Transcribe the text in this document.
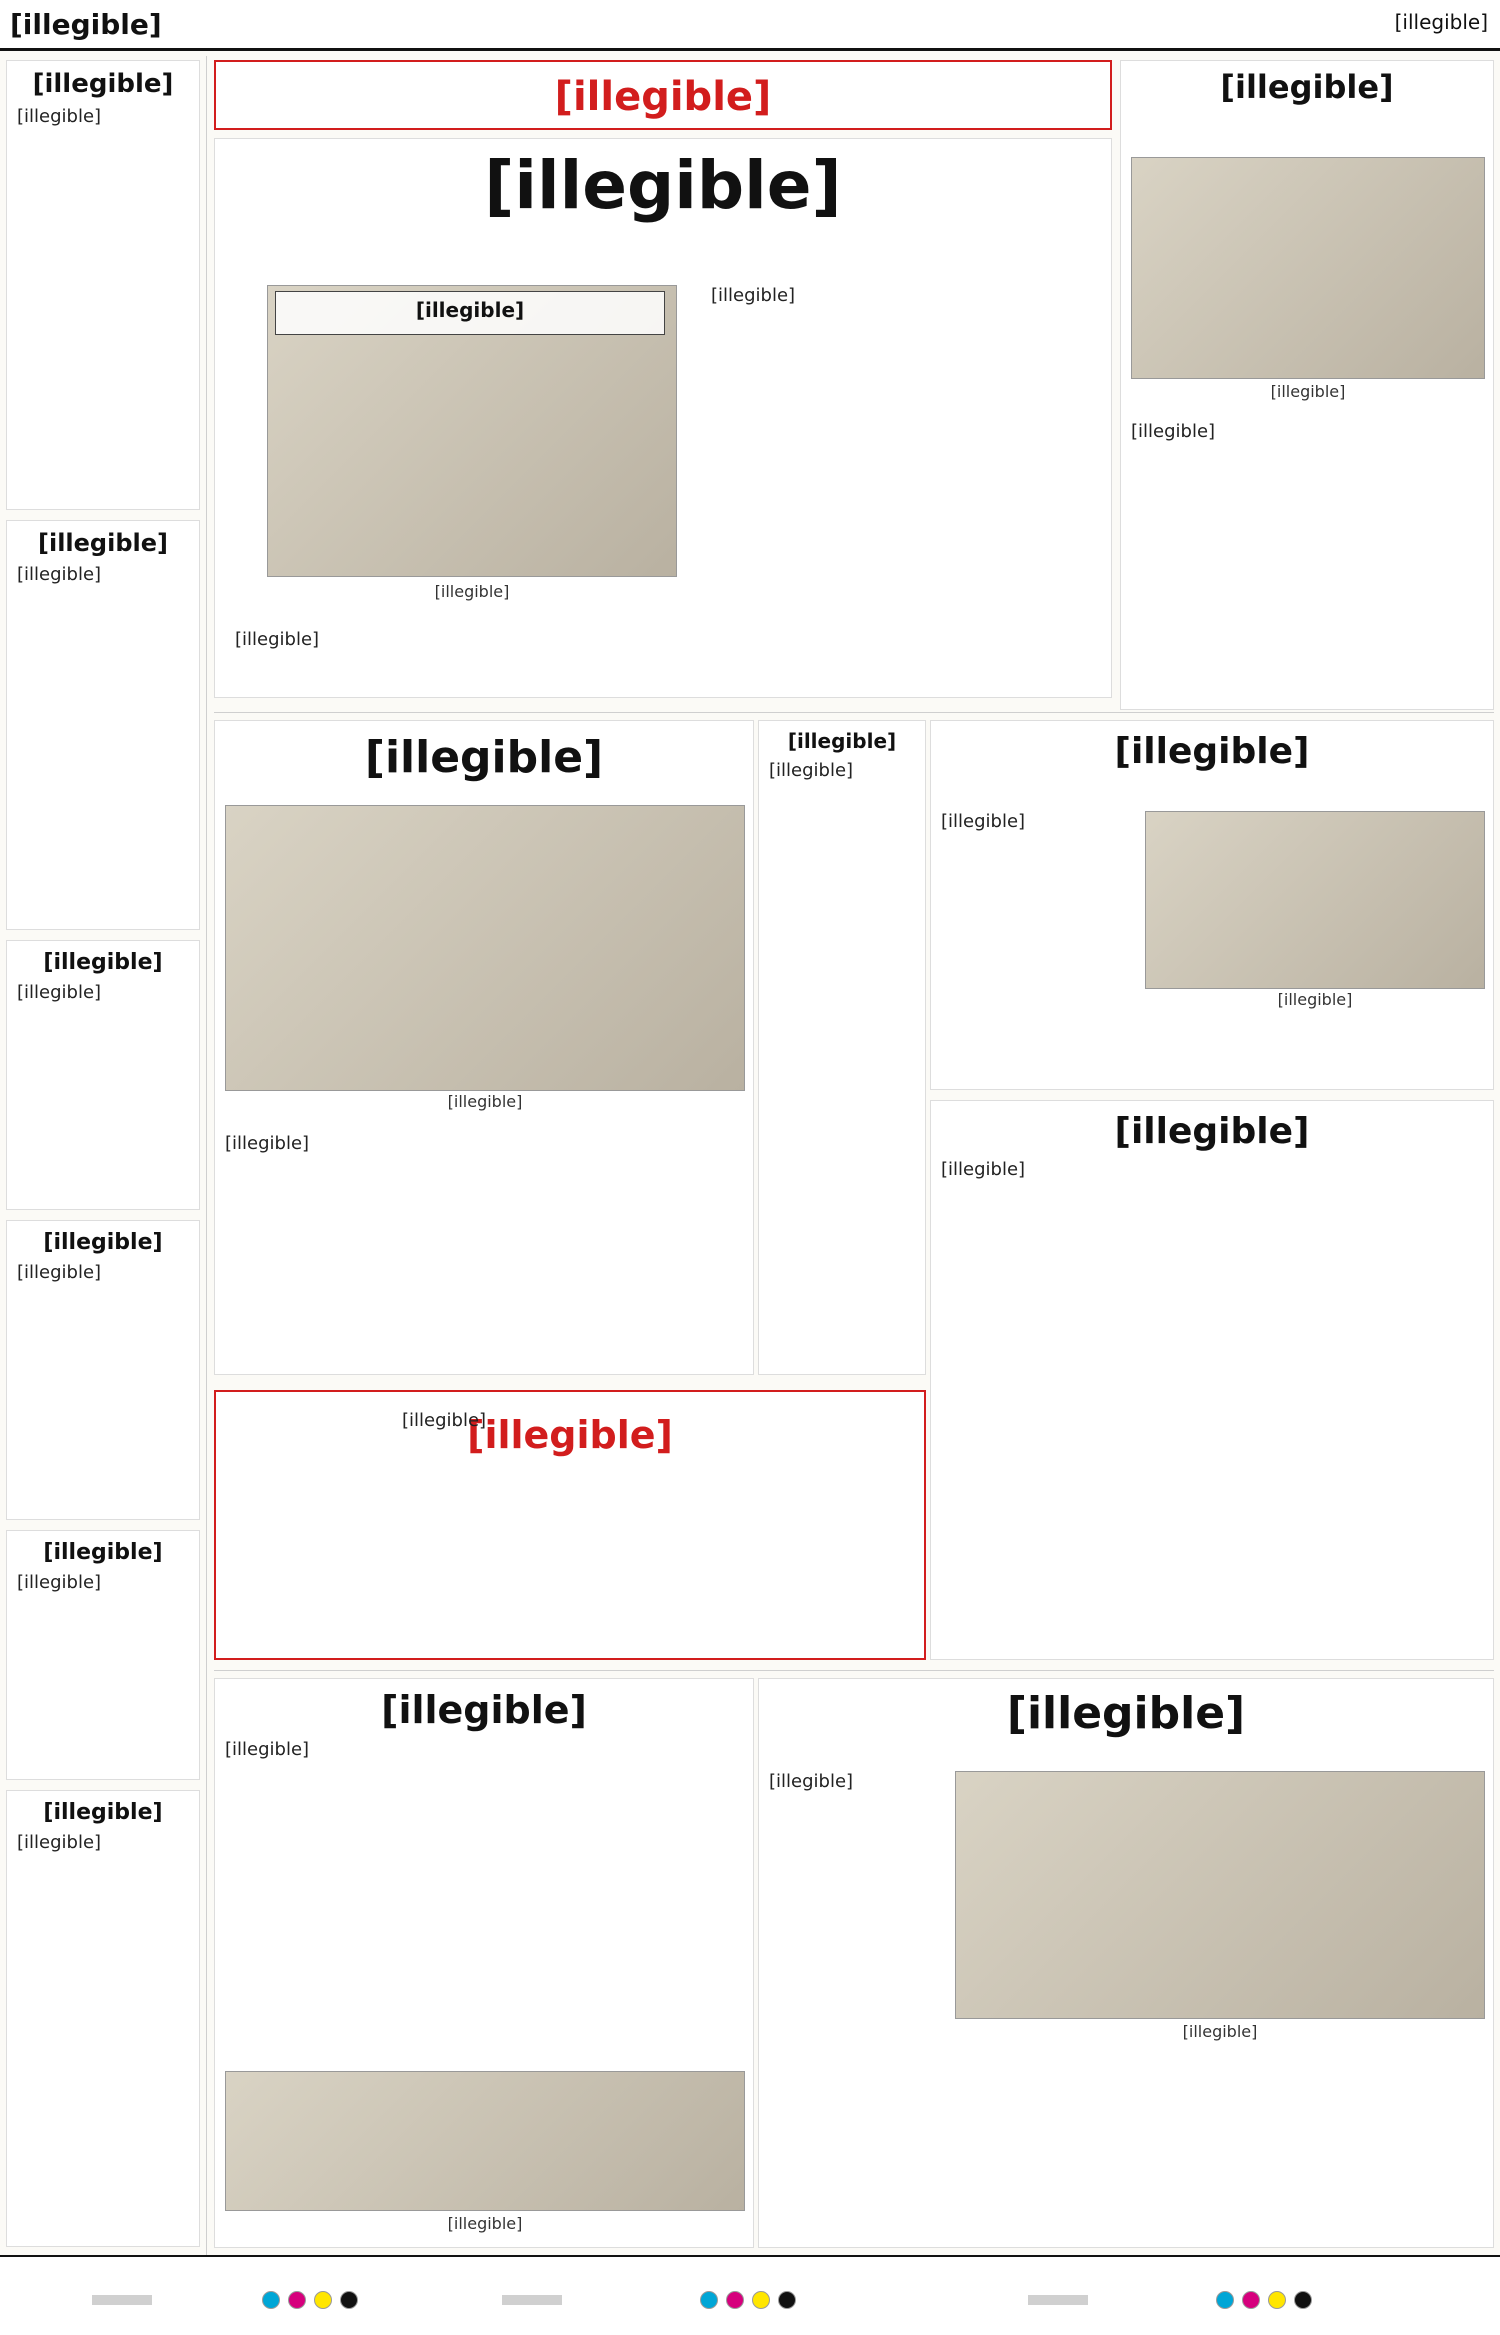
[illegible]	[illegible]
[illegible]
[illegible]
[illegible]
[illegible]
[illegible]
[illegible]
[illegible]
[illegible]
[illegible]
[illegible]
[illegible]
[illegible]
[illegible]
[illegible]
[illegible]
[illegible]
[illegible]
[illegible]
[illegible]
[illegible]
[illegible]
[illegible]
[illegible]
[illegible]
[illegible]
[illegible]	[illegible]
[illegible]
[illegible]
[illegible]
[illegible]
[illegible]
[illegible]
[illegible]
[illegible]
[illegible]
[illegible]
[illegible]
[illegible]
